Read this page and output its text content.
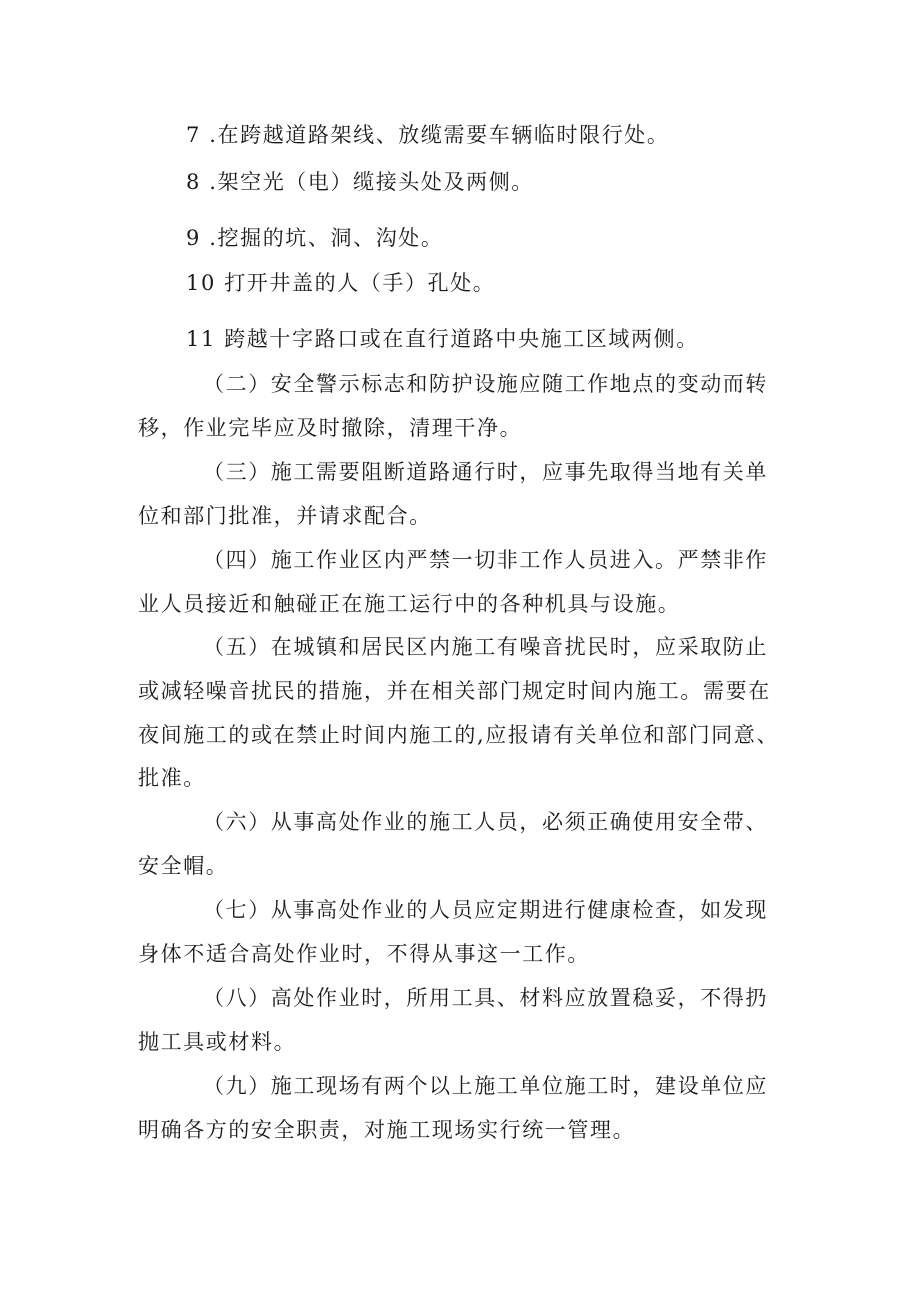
7 .在跨越道路架线、放缆需要车辆临时限行处。
8 .架空光（电）缆接头处及两侧。
9 .挖掘的坑、洞、沟处。
10 打开井盖的人（手）孔处。
11 跨越十字路口或在直行道路中央施工区域两侧。
（二）安全警示标志和防护设施应随工作地点的变动而转
移，作业完毕应及时撤除，清理干净。
（三）施工需要阻断道路通行时，应事先取得当地有关单
位和部门批准，并请求配合。
（四）施工作业区内严禁一切非工作人员进入。严禁非作
业人员接近和触碰正在施工运行中的各种机具与设施。
（五）在城镇和居民区内施工有噪音扰民时，应采取防止
或减轻噪音扰民的措施，并在相关部门规定时间内施工。需要在
夜间施工的或在禁止时间内施工的,应报请有关单位和部门同意、
批准。
（六）从事高处作业的施工人员，必须正确使用安全带、
安全帽。
（七）从事高处作业的人员应定期进行健康检查，如发现
身体不适合高处作业时，不得从事这一工作。
（八）高处作业时，所用工具、材料应放置稳妥，不得扔
抛工具或材料。
（九）施工现场有两个以上施工单位施工时，建设单位应
明确各方的安全职责，对施工现场实行统一管理。
